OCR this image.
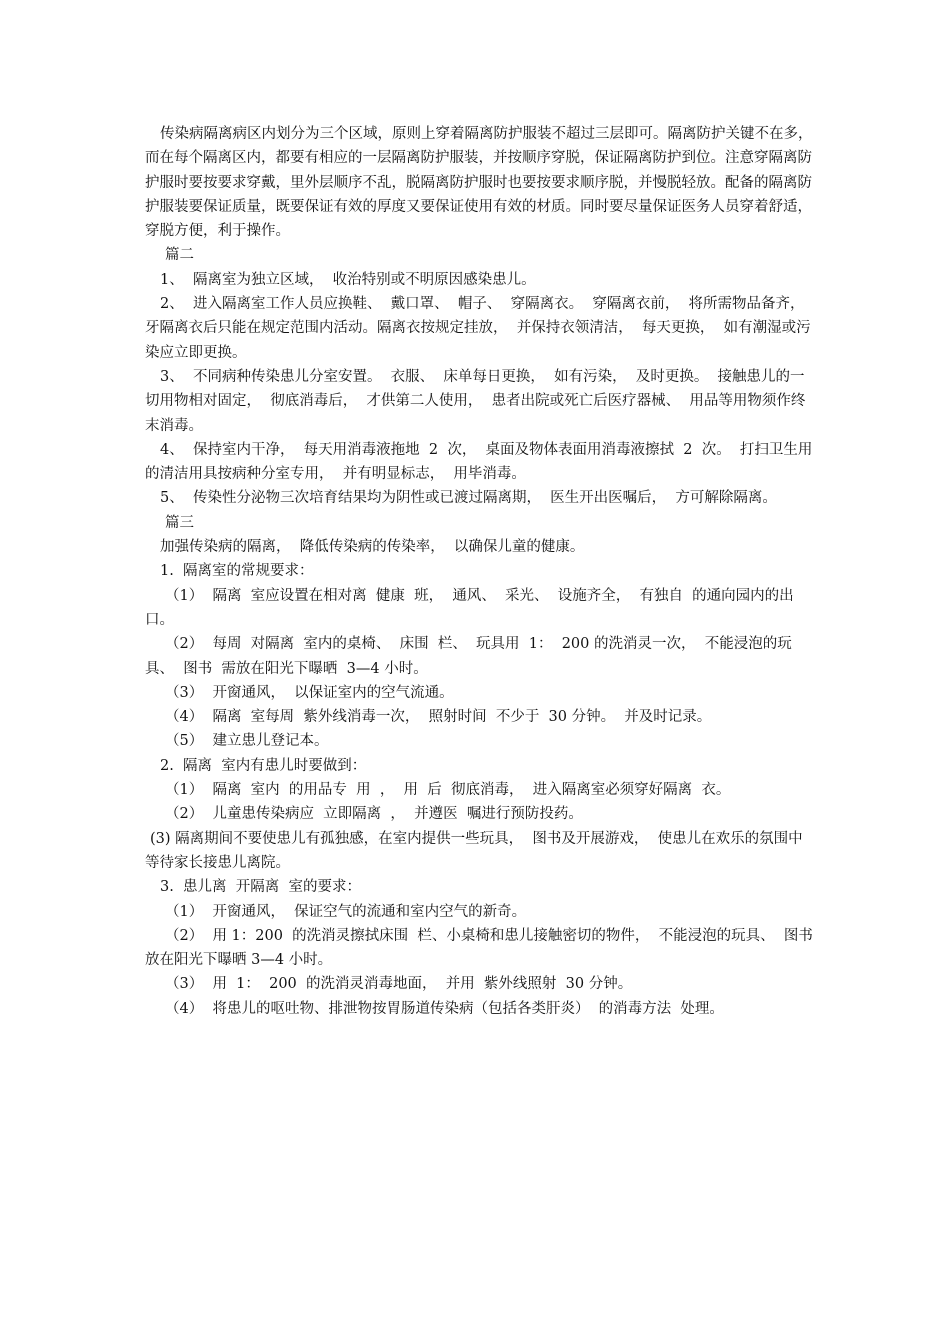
传染病隔离病区内划分为三个区域，原则上穿着隔离防护服装不超过三层即可。隔离防护关键不在多，而在每个隔离区内，都要有相应的一层隔离防护服装，并按顺序穿脱，保证隔离防护到位。注意穿隔离防护服时要按要求穿戴，里外层顺序不乱，脱隔离防护服时也要按要求顺序脱，并慢脱轻放。配备的隔离防护服装要保证质量，既要保证有效的厚度又要保证使用有效的材质。同时要尽量保证医务人员穿着舒适，穿脱方便，利于操作。

篇二

1、  隔离室为独立区域，  收治特别或不明原因感染患儿。

2、  进入隔离室工作人员应换鞋、  戴口罩、  帽子、  穿隔离衣。  穿隔离衣前，  将所需物品备齐，  牙隔离衣后只能在规定范围内活动。隔离衣按规定挂放，  并保持衣领清洁，  每天更换，  如有潮湿或污染应立即更换。

3、  不同病种传染患儿分室安置。  衣服、  床单每日更换，  如有污染，  及时更换。  接触患儿的一切用物相对固定，  彻底消毒后，  才供第二人使用，  患者出院或死亡后医疗器械、  用品等用物须作终末消毒。

4、  保持室内干净，  每天用消毒液拖地  2  次，  桌面及物体表面用消毒液擦拭  2  次。  打扫卫生用的清洁用具按病种分室专用，  并有明显标志，  用毕消毒。

5、  传染性分泌物三次培育结果均为阴性或已渡过隔离期，  医生开出医嘱后，  方可解除隔离。

篇三

加强传染病的隔离，  降低传染病的传染率，  以确保儿童的健康。

1.  隔离室的常规要求：

（1）  隔离  室应设置在相对离  健康  班，  通风、  采光、  设施齐全，  有独自  的通向园内的出  口。

（2）  每周  对隔离  室内的桌椅、  床围  栏、  玩具用  1：  200 的洗消灵一次，  不能浸泡的玩具、  图书  需放在阳光下曝晒  3—4 小时。

（3）  开窗通风，  以保证室内的空气流通。

（4）  隔离  室每周  紫外线消毒一次，  照射时间  不少于  30 分钟。  并及时记录。

（5）  建立患儿登记本。

2.  隔离  室内有患儿时要做到：

（1）  隔离  室内  的用品专  用  ，  用  后  彻底消毒，  进入隔离室必须穿好隔离  衣。

（2）  儿童患传染病应  立即隔离  ，  并遵医  嘱进行预防投药。

(3) 隔离期间不要使患儿有孤独感，在室内提供一些玩具，  图书及开展游戏，  使患儿在欢乐的氛围中等待家长接患儿离院。

3.  患儿离  开隔离  室的要求：

（1）  开窗通风，  保证空气的流通和室内空气的新奇。

（2）  用 1：200  的洗消灵擦拭床围  栏、小桌椅和患儿接触密切的物件，  不能浸泡的玩具、  图书  放在阳光下曝晒 3—4 小时。

（3）  用  1：  200  的洗消灵消毒地面，  并用  紫外线照射  30 分钟。

（4）  将患儿的呕吐物、排泄物按胃肠道传染病（包括各类肝炎）  的消毒方法  处理。
